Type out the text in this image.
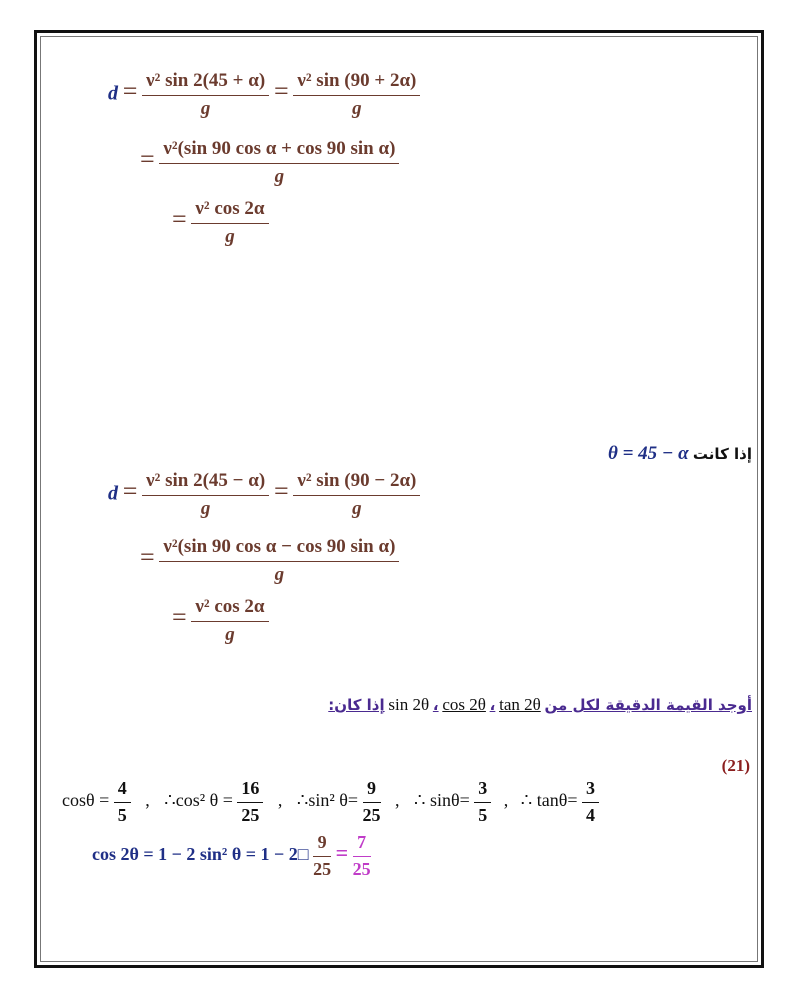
$d = \frac{\text{ν² sin 2(45 + α)}}{g} = \frac{\text{ν² sin (90 + 2α)}}{g}$
= $\frac{\text{ν²(sin 90 cos α + cos 90 sin α)}}{g}$
= $\frac{\text{ν² cos 2α}}{g}$
θ = 45 − α إذا كانت
$d = \frac{\text{ν² sin 2(45 − α)}}{g} = \frac{\text{ν² sin (90 − 2α)}}{g}$
= $\frac{\text{ν²(sin 90 cos α − cos 90 sin α)}}{g}$
= $\frac{\text{ν² cos 2α}}{g}$
أوجد القيمة الدقيقة لكل من tan 2θ ، cos 2θ ، sin 2θ إذا كان:
(21)
$\cos\theta = \frac{4}{5}$ , ∴cos² $\theta = \frac{16}{25}$ , ∴sin² $\theta= \frac{9}{25}$ , ∴ $\sin\theta= \frac{3}{5}$ , ∴ $\tan\theta= \frac{3}{4}$
cos 2θ = 1 − 2 sin² θ = 1 − 2□ $\frac{9}{25} = \frac{7}{25}$
